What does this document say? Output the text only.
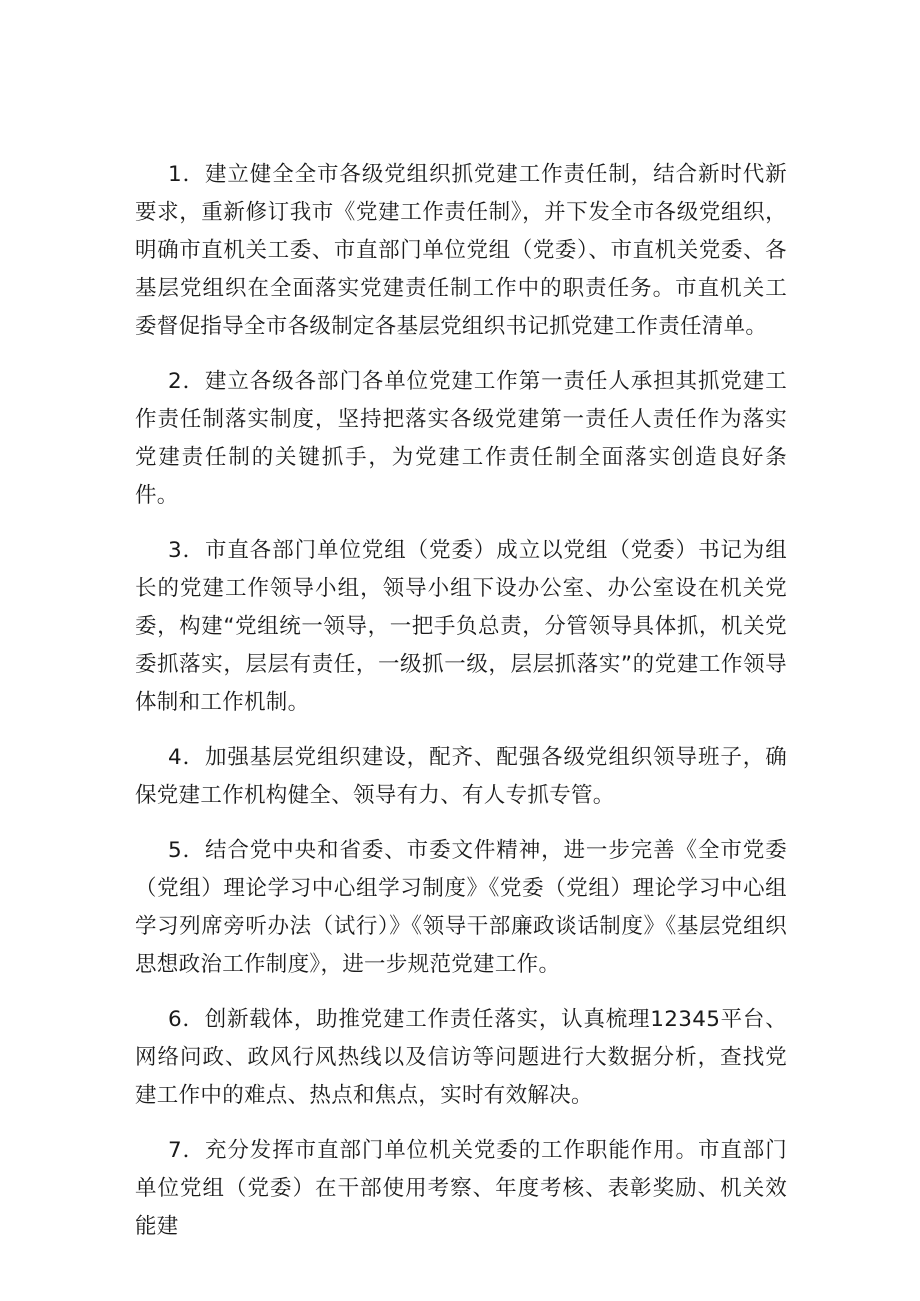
1．建立健全全市各级党组织抓党建工作责任制，结合新时代新要求，重新修订我市《党建工作责任制》，并下发全市各级党组织，明确市直机关工委、市直部门单位党组（党委）、市直机关党委、各基层党组织在全面落实党建责任制工作中的职责任务。市直机关工委督促指导全市各级制定各基层党组织书记抓党建工作责任清单。

2．建立各级各部门各单位党建工作第一责任人承担其抓党建工作责任制落实制度，坚持把落实各级党建第一责任人责任作为落实党建责任制的关键抓手，为党建工作责任制全面落实创造良好条件。

3．市直各部门单位党组（党委）成立以党组（党委）书记为组长的党建工作领导小组，领导小组下设办公室、办公室设在机关党委，构建“党组统一领导，一把手负总责，分管领导具体抓，机关党委抓落实，层层有责任，一级抓一级，层层抓落实”的党建工作领导体制和工作机制。

4．加强基层党组织建设，配齐、配强各级党组织领导班子，确保党建工作机构健全、领导有力、有人专抓专管。

5．结合党中央和省委、市委文件精神，进一步完善《全市党委（党组）理论学习中心组学习制度》《党委（党组）理论学习中心组学习列席旁听办法（试行）》《领导干部廉政谈话制度》《基层党组织思想政治工作制度》，进一步规范党建工作。

6．创新载体，助推党建工作责任落实，认真梳理12345平台、网络问政、政风行风热线以及信访等问题进行大数据分析，查找党建工作中的难点、热点和焦点，实时有效解决。

7．充分发挥市直部门单位机关党委的工作职能作用。市直部门单位党组（党委）在干部使用考察、年度考核、表彰奖励、机关效能建
